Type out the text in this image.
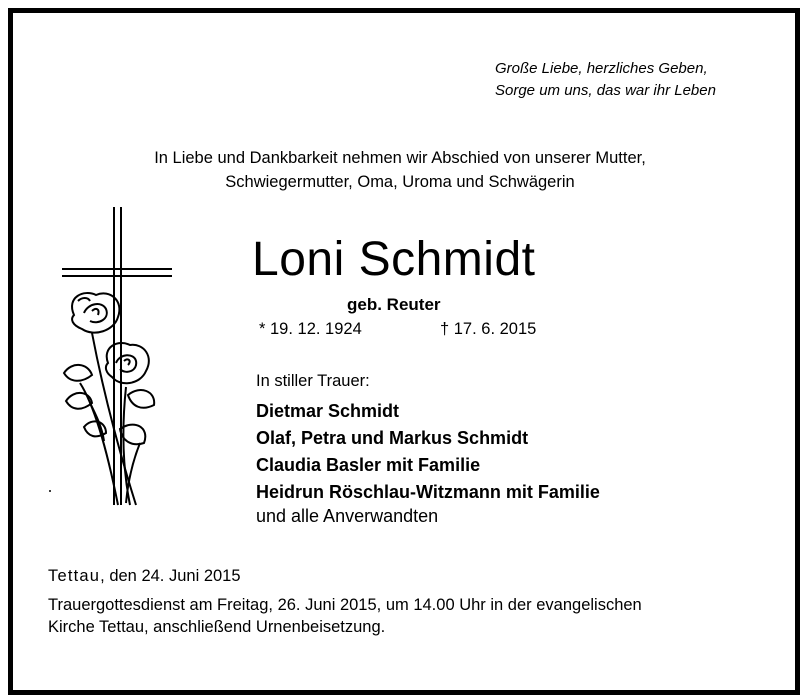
Große Liebe, herzliches Geben,
Sorge um uns, das war ihr Leben
In Liebe und Dankbarkeit nehmen wir Abschied von unserer Mutter,
Schwiegermutter, Oma, Uroma und Schwägerin
Loni Schmidt
geb. Reuter
* 19. 12. 1924	† 17. 6. 2015
In stiller Trauer:
Dietmar Schmidt
Olaf, Petra und Markus Schmidt
Claudia Basler mit Familie
Heidrun Röschlau-Witzmann mit Familie
und alle Anverwandten
Tettau, den 24. Juni 2015
Trauergottesdienst am Freitag, 26. Juni 2015, um 14.00 Uhr in der evangelischen
Kirche Tettau, anschließend Urnenbeisetzung.
